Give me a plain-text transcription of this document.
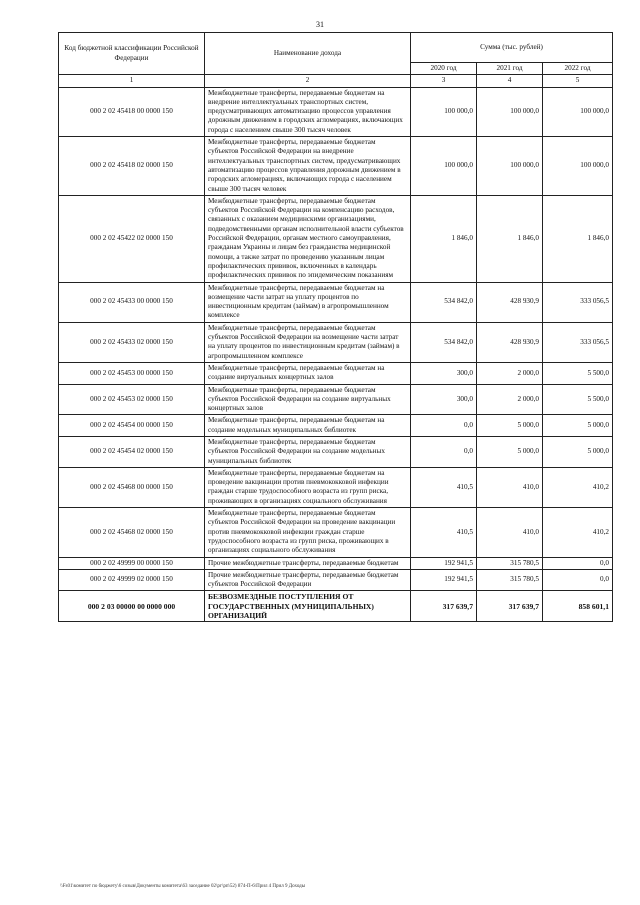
31
Код бюджетной классификации Российской Федерации	Наименование дохода	Сумма (тыс. рублей)		
		2020 год	2021 год	2022 год
1	2	3	4	5
000 2 02 45418 00 0000 150	Межбюджетные трансферты, передаваемые бюджетам на внедрение интеллектуальных транспортных систем, предусматривающих автоматизацию процессов управления дорожным движением в городских агломерациях, включающих города с населением свыше 300 тысяч человек	100 000,0	100 000,0	100 000,0
000 2 02 45418 02 0000 150	Межбюджетные трансферты, передаваемые бюджетам субъектов Российской Федерации на внедрение интеллектуальных транспортных систем, предусматривающих автоматизацию процессов управления дорожным движением в городских агломерациях, включающих города с населением свыше 300 тысяч человек	100 000,0	100 000,0	100 000,0
000 2 02 45422 02 0000 150	Межбюджетные трансферты, передаваемые бюджетам субъектов Российской Федерации на компенсацию расходов, связанных с оказанием медицинскими организациями, подведомственными органам исполнительной власти субъектов Российской Федерации, органам местного самоуправления, гражданам Украины и лицам без гражданства медицинской помощи, а также затрат по проведению указанным лицам профилактических прививок, включенных в календарь профилактических прививок по эпидемическим показаниям	1 846,0	1 846,0	1 846,0
000 2 02 45433 00 0000 150	Межбюджетные трансферты, передаваемые бюджетам на возмещение части затрат на уплату процентов по инвестиционным кредитам (займам) в агропромышленном комплексе	534 842,0	428 930,9	333 056,5
000 2 02 45433 02 0000 150	Межбюджетные трансферты, передаваемые бюджетам субъектов Российской Федерации на возмещение части затрат на уплату процентов по инвестиционным кредитам (займам) в агропромышленном комплексе	534 842,0	428 930,9	333 056,5
000 2 02 45453 00 0000 150	Межбюджетные трансферты, передаваемые бюджетам на создание виртуальных концертных залов	300,0	2 000,0	5 500,0
000 2 02 45453 02 0000 150	Межбюджетные трансферты, передаваемые бюджетам субъектов Российской Федерации на создание виртуальных концертных залов	300,0	2 000,0	5 500,0
000 2 02 45454 00 0000 150	Межбюджетные трансферты, передаваемые бюджетам на создание модельных муниципальных библиотек	0,0	5 000,0	5 000,0
000 2 02 45454 02 0000 150	Межбюджетные трансферты, передаваемые бюджетам субъектов Российской Федерации на создание модельных муниципальных библиотек	0,0	5 000,0	5 000,0
000 2 02 45468 00 0000 150	Межбюджетные трансферты, передаваемые бюджетам на проведение вакцинации против пневмококковой инфекции граждан старше трудоспособного возраста из групп риска, проживающих в организациях социального обслуживания	410,5	410,0	410,2
000 2 02 45468 02 0000 150	Межбюджетные трансферты, передаваемые бюджетам субъектов Российской Федерации на проведение вакцинации против пневмококковой инфекции граждан старше трудоспособного возраста из групп риска, проживающих в организациях социального обслуживания	410,5	410,0	410,2
000 2 02 49999 00 0000 150	Прочие межбюджетные трансферты, передаваемые бюджетам	192 941,5	315 780,5	0,0
000 2 02 49999 02 0000 150	Прочие межбюджетные трансферты, передаваемые бюджетам субъектов Российской Федерации	192 941,5	315 780,5	0,0
000 2 03 00000 00 0000 000	БЕЗВОЗМЕЗДНЫЕ ПОСТУПЛЕНИЯ ОТ ГОСУДАРСТВЕННЫХ (МУНИЦИПАЛЬНЫХ) ОРГАНИЗАЦИЙ	317 639,7	317 639,7	858 601,1
\\Fs01\комитет по бюджету\6 созыв\Документы комитета\63 заседание 02\рг\рп\52) 874-П-6\Прил 4 Прил 9 Доходы
